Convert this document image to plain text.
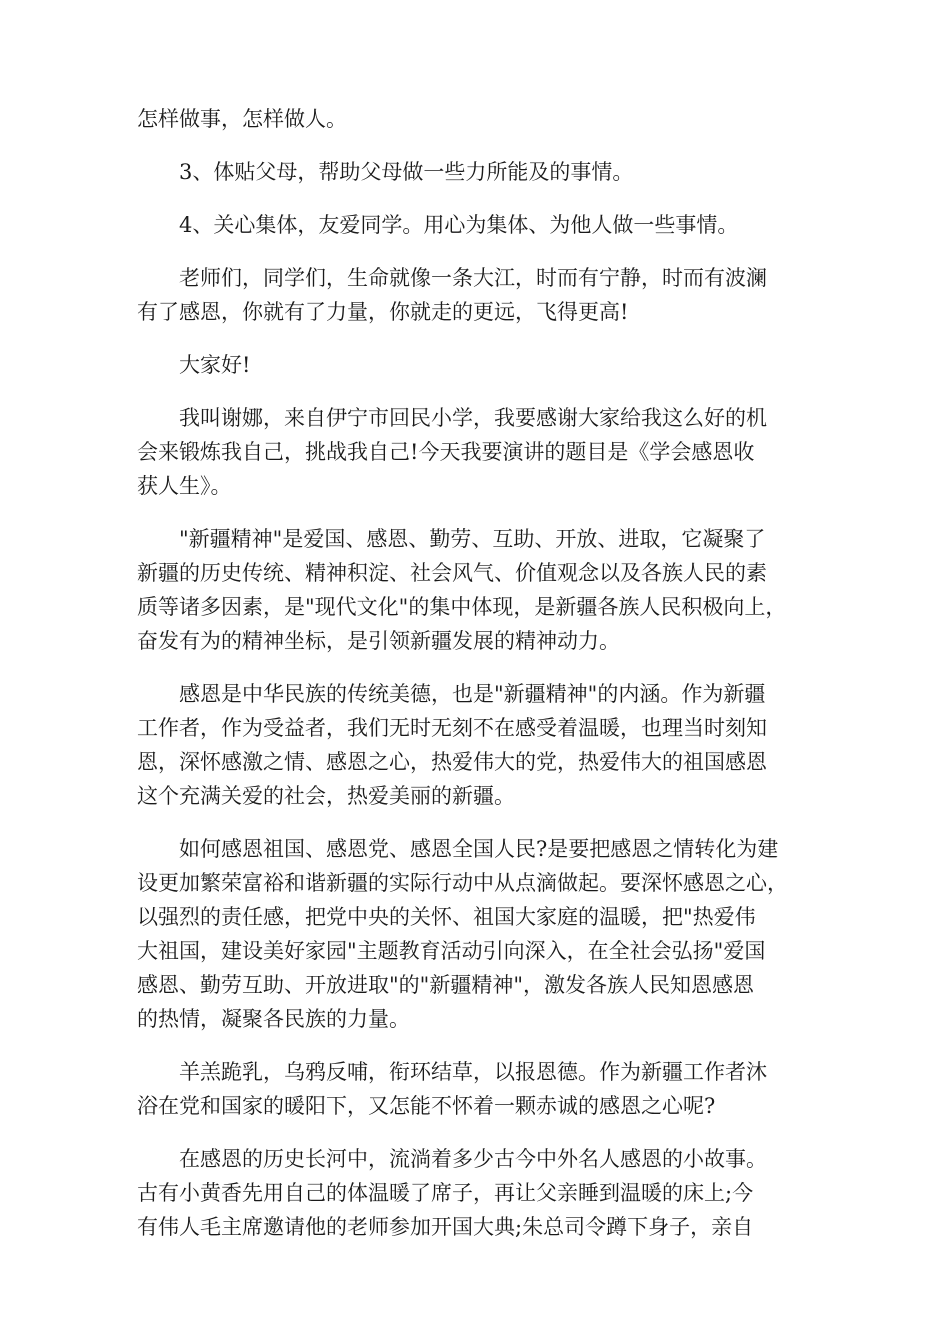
怎样做事，怎样做人。

3、体贴父母，帮助父母做一些力所能及的事情。

4、关心集体，友爱同学。用心为集体、为他人做一些事情。

老师们，同学们，生命就像一条大江，时而有宁静，时而有波澜
有了感恩，你就有了力量，你就走的更远，飞得更高!

大家好!

我叫谢娜，来自伊宁市回民小学，我要感谢大家给我这么好的机
会来锻炼我自己，挑战我自己!今天我要演讲的题目是《学会感恩收
获人生》。

"新疆精神"是爱国、感恩、勤劳、互助、开放、进取，它凝聚了
新疆的历史传统、精神积淀、社会风气、价值观念以及各族人民的素
质等诸多因素，是"现代文化"的集中体现，是新疆各族人民积极向上，
奋发有为的精神坐标，是引领新疆发展的精神动力。

感恩是中华民族的传统美德，也是"新疆精神"的内涵。作为新疆
工作者，作为受益者，我们无时无刻不在感受着温暖，也理当时刻知
恩，深怀感激之情、感恩之心，热爱伟大的党，热爱伟大的祖国感恩
这个充满关爱的社会，热爱美丽的新疆。

如何感恩祖国、感恩党、感恩全国人民?是要把感恩之情转化为建
设更加繁荣富裕和谐新疆的实际行动中从点滴做起。要深怀感恩之心，
以强烈的责任感，把党中央的关怀、祖国大家庭的温暖，把"热爱伟
大祖国，建设美好家园"主题教育活动引向深入，在全社会弘扬"爱国
感恩、勤劳互助、开放进取"的"新疆精神"，激发各族人民知恩感恩
的热情，凝聚各民族的力量。

羊羔跪乳，乌鸦反哺，衔环结草，以报恩德。作为新疆工作者沐
浴在党和国家的暖阳下，又怎能不怀着一颗赤诚的感恩之心呢?

在感恩的历史长河中，流淌着多少古今中外名人感恩的小故事。
古有小黄香先用自己的体温暖了席子，再让父亲睡到温暖的床上;今
有伟人毛主席邀请他的老师参加开国大典;朱总司令蹲下身子，亲自
